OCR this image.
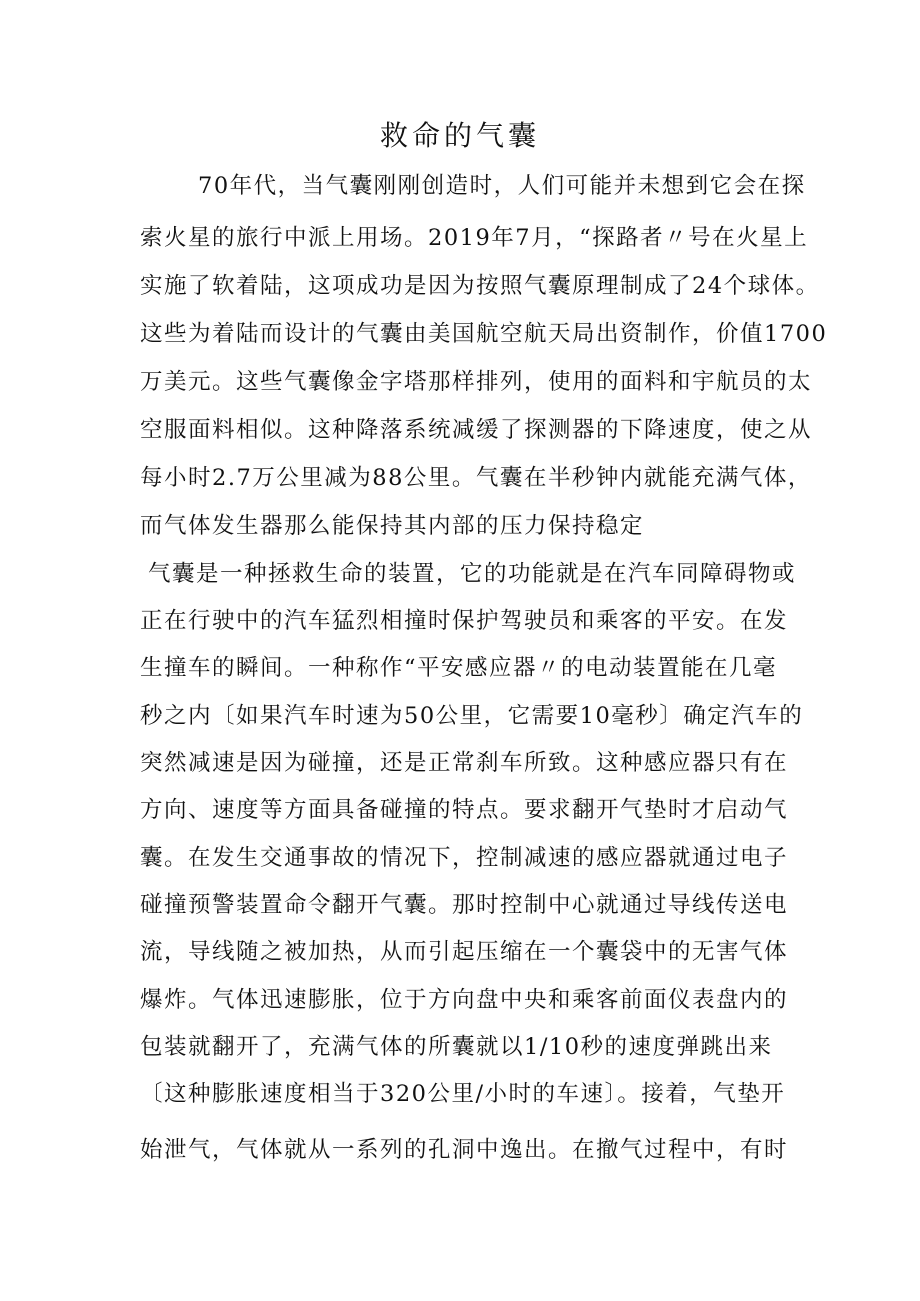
救命的气囊
70年代，当气囊刚刚创造时，人们可能并未想到它会在探
索火星的旅行中派上用场。2019年7月，“探路者〃号在火星上
实施了软着陆，这项成功是因为按照气囊原理制成了24个球体。
这些为着陆而设计的气囊由美国航空航天局出资制作，价值1700
万美元。这些气囊像金字塔那样排列，使用的面料和宇航员的太
空服面料相似。这种降落系统减缓了探测器的下降速度，使之从
每小时2.7万公里减为88公里。气囊在半秒钟内就能充满气体，
而气体发生器那么能保持其内部的压力保持稳定
气囊是一种拯救生命的装置，它的功能就是在汽车同障碍物或
正在行驶中的汽车猛烈相撞时保护驾驶员和乘客的平安。在发
生撞车的瞬间。一种称作“平安感应器〃的电动装置能在几毫
秒之内〔如果汽车时速为50公里，它需要10毫秒〕确定汽车的
突然减速是因为碰撞，还是正常刹车所致。这种感应器只有在
方向、速度等方面具备碰撞的特点。要求翻开气垫时才启动气
囊。在发生交通事故的情况下，控制减速的感应器就通过电子
碰撞预警装置命令翻开气囊。那时控制中心就通过导线传送电
流，导线随之被加热，从而引起压缩在一个囊袋中的无害气体
爆炸。气体迅速膨胀，位于方向盘中央和乘客前面仪表盘内的
包装就翻开了，充满气体的所囊就以1/10秒的速度弹跳出来
〔这种膨胀速度相当于320公里/小时的车速〕。接着，气垫开
始泄气，气体就从一系列的孔洞中逸出。在撤气过程中，有时
